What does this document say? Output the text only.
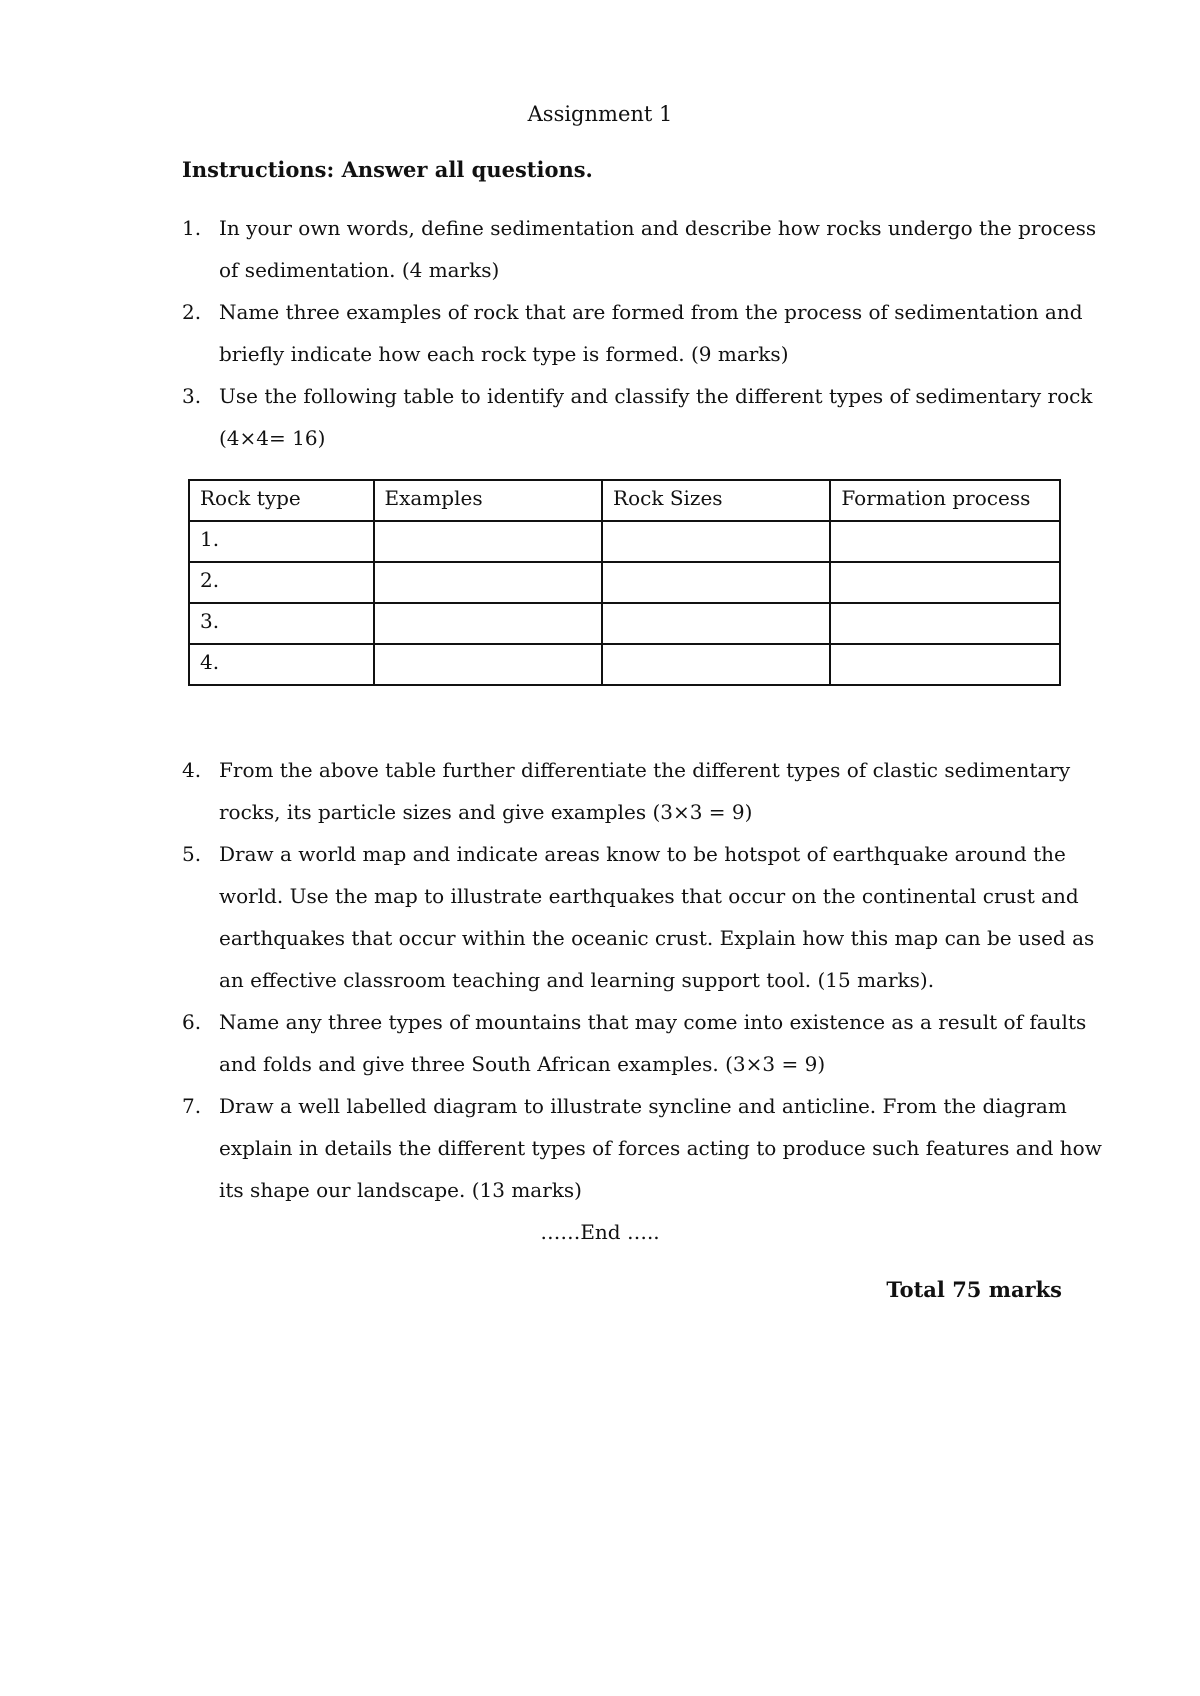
Assignment 1
Instructions: Answer all questions.
1. In your own words, define sedimentation and describe how rocks undergo the process
of sedimentation. (4 marks)
2. Name three examples of rock that are formed from the process of sedimentation and
briefly indicate how each rock type is formed. (9 marks)
3. Use the following table to identify and classify the different types of sedimentary rock
(4×4= 16)
Rock type	Examples	Rock Sizes	Formation process
1.			
2.			
3.			
4.			
4. From the above table further differentiate the different types of clastic sedimentary
rocks, its particle sizes and give examples (3×3 = 9)
5. Draw a world map and indicate areas know to be hotspot of earthquake around the
world. Use the map to illustrate earthquakes that occur on the continental crust and
earthquakes that occur within the oceanic crust. Explain how this map can be used as
an effective classroom teaching and learning support tool. (15 marks).
6. Name any three types of mountains that may come into existence as a result of faults
and folds and give three South African examples. (3×3 = 9)
7. Draw a well labelled diagram to illustrate syncline and anticline. From the diagram
explain in details the different types of forces acting to produce such features and how
its shape our landscape. (13 marks)
……End …..
Total 75 marks
